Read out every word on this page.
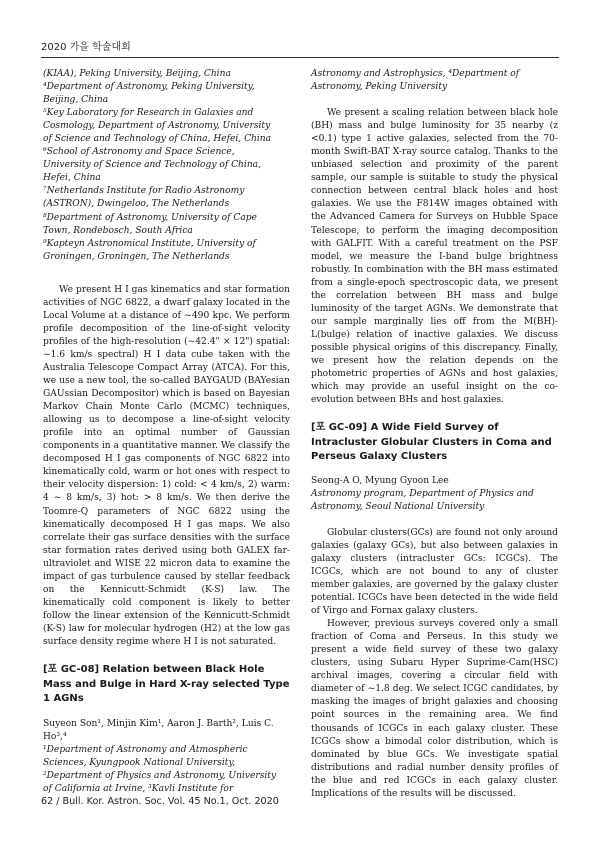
2020 가을 학술대회
(KIAA), Peking University, Beijing, China
⁴Department of Astronomy, Peking University,
Beijing, China
⁵Key Laboratory for Research in Galaxies and
Cosmology, Department of Astronomy, University
of Science and Technology of China, Hefei, China
⁶School of Astronomy and Space Science,
University of Science and Technology of China,
Hefei, China
⁷Netherlands Institute for Radio Astronomy
(ASTRON), Dwingeloo, The Netherlands
⁸Department of Astronomy, University of Cape
Town, Rondebosch, South Africa
⁹Kapteyn Astronomical Institute, University of
Groningen, Groningen, The Netherlands

We present H I gas kinematics and star formation activities of NGC 6822, a dwarf galaxy located in the Local Volume at a distance of ~490 kpc. We perform profile decomposition of the line-of-sight velocity profiles of the high-resolution (~42.4" × 12") spatial: ~1.6 km/s spectral) H I data cube taken with the Australia Telescope Compact Array (ATCA). For this, we use a new tool, the so-called BAYGAUD (BAYesian GAUssian Decompositor) which is based on Bayesian Markov Chain Monte Carlo (MCMC) techniques, allowing us to decompose a line-of-sight velocity profile into an optimal number of Gaussian components in a quantitative manner. We classify the decomposed H I gas components of NGC 6822 into kinematically cold, warm or hot ones with respect to their velocity dispersion: 1) cold: < 4 km/s, 2) warm: 4 ~ 8 km/s, 3) hot: > 8 km/s. We then derive the Toomre-Q parameters of NGC 6822 using the kinematically decomposed H I gas maps. We also correlate their gas surface densities with the surface star formation rates derived using both GALEX far-ultraviolet and WISE 22 micron data to examine the impact of gas turbulence caused by stellar feedback on the Kennicutt-Schmidt (K-S) law. The kinematically cold component is likely to better follow the linear extension of the Kennicutt-Schmidt (K-S) law for molecular hydrogen (H2) at the low gas surface density regime where H I is not saturated.

[포 GC-08] Relation between Black Hole Mass and Bulge in Hard X-ray selected Type 1 AGNs

Suyeon Son¹, Minjin Kim¹, Aaron J. Barth², Luis C.
Ho³,⁴
¹Department of Astronomy and Atmospheric
Sciences, Kyungpook National University,
²Department of Physics and Astronomy, University
of California at Irvine, ³Kavli Institute for
Astronomy and Astrophysics, ⁴Department of
Astronomy, Peking University

We present a scaling relation between black hole (BH) mass and bulge luminosity for 35 nearby (z <0.1) type 1 active galaxies, selected from the 70-month Swift-BAT X-ray source catalog. Thanks to the unbiased selection and proximity of the parent sample, our sample is suitable to study the physical connection between central black holes and host galaxies. We use the F814W images obtained with the Advanced Camera for Surveys on Hubble Space Telescope, to perform the imaging decomposition with GALFIT. With a careful treatment on the PSF model, we measure the I-band bulge brightness robustly. In combination with the BH mass estimated from a single-epoch spectroscopic data, we present the correlation between BH mass and bulge luminosity of the target AGNs. We demonstrate that our sample marginally lies off from the M(BH)-L(bulge) relation of inactive galaxies. We discuss possible physical origins of this discrepancy. Finally, we present how the relation depends on the photometric properties of AGNs and host galaxies, which may provide an useful insight on the co-evolution between BHs and host galaxies.

[포 GC-09] A Wide Field Survey of Intracluster Globular Clusters in Coma and Perseus Galaxy Clusters

Seong-A O, Myung Gyoon Lee
Astronomy program, Department of Physics and
Astronomy, Seoul National University

Globular clusters(GCs) are found not only around galaxies (galaxy GCs), but also between galaxies in galaxy clusters (intracluster GCs: ICGCs). The ICGCs, which are not bound to any of cluster member galaxies, are governed by the galaxy cluster potential. ICGCs have been detected in the wide field of Virgo and Fornax galaxy clusters.

However, previous surveys covered only a small fraction of Coma and Perseus. In this study we present a wide field survey of these two galaxy clusters, using Subaru Hyper Suprime-Cam(HSC) archival images, covering a circular field with diameter of ~1.8 deg. We select ICGC candidates, by masking the images of bright galaxies and choosing point sources in the remaining area. We find thousands of ICGCs in each galaxy cluster. These ICGCs show a bimodal color distribution, which is dominated by blue GCs. We investigate spatial distributions and radial number density profiles of the blue and red ICGCs in each galaxy cluster. Implications of the results will be discussed.

62 / Bull. Kor. Astron. Soc. Vol. 45 No.1, Oct. 2020
